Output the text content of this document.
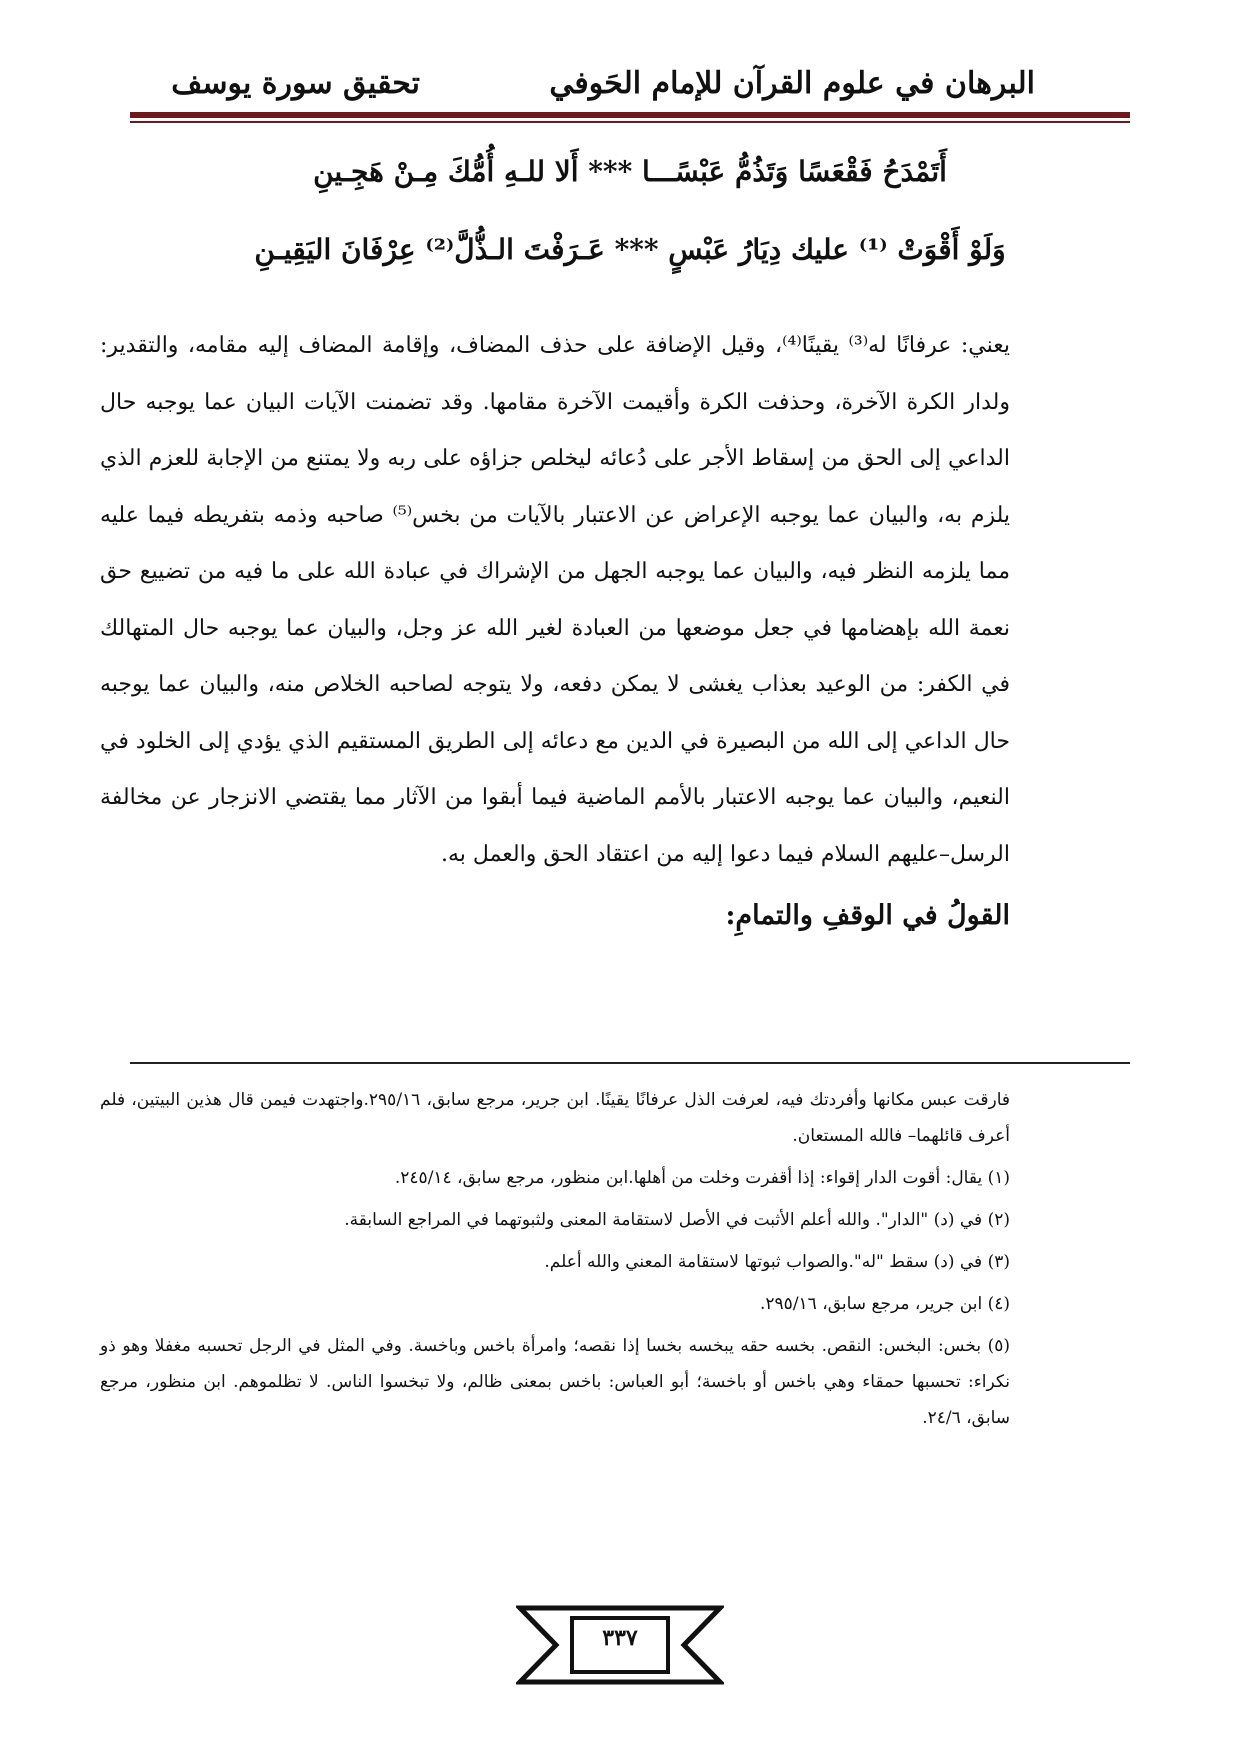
البرهان في علوم القرآن للإمام الحَوفي
تحقيق سورة يوسف
أَتَمْدَحُ فَقْعَسًا وَتَذُمُّ عَبْسًـــا *** أَلا للـهِ أُمُّكَ مِـنْ هَجِـينِ
وَلَوْ أَقْوَتْ ⁽¹⁾ عليك دِيَارُ عَبْسٍ *** عَـرَفْتَ الـذُّلَّ⁽²⁾ عِرْفَانَ اليَقِيـنِ

يعني: عرفانًا له⁽³⁾ يقينًا⁽⁴⁾، وقيل الإضافة على حذف المضاف، وإقامة المضاف إليه مقامه، والتقدير: ولدار الكرة الآخرة، وحذفت الكرة وأقيمت الآخرة مقامها. وقد تضمنت الآيات البيان عما يوجبه حال الداعي إلى الحق من إسقاط الأجر على دُعائه ليخلص جزاؤه على ربه ولا يمتنع من الإجابة للعزم الذي يلزم به، والبيان عما يوجبه الإعراض عن الاعتبار بالآيات من بخس⁽⁵⁾ صاحبه وذمه بتفريطه فيما عليه مما يلزمه النظر فيه، والبيان عما يوجبه الجهل من الإشراك في عبادة الله على ما فيه من تضييع حق نعمة الله بإهضامها في جعل موضعها من العبادة لغير الله عز وجل، والبيان عما يوجبه حال المتهالك في الكفر: من الوعيد بعذاب يغشى لا يمكن دفعه، ولا يتوجه لصاحبه الخلاص منه، والبيان عما يوجبه حال الداعي إلى الله من البصيرة في الدين مع دعائه إلى الطريق المستقيم الذي يؤدي إلى الخلود في النعيم، والبيان عما يوجبه الاعتبار بالأمم الماضية فيما أبقوا من الآثار مما يقتضي الانزجار عن مخالفة الرسل–عليهم السلام فيما دعوا إليه من اعتقاد الحق والعمل به.

القولُ في الوقفِ والتمامِ:

فارقت عبس مكانها وأفردتك فيه، لعرفت الذل عرفانًا يقينًا. ابن جرير، مرجع سابق، ٢٩٥/١٦.واجتهدت فيمن قال هذين البيتين، فلم أعرف قائلهما– فالله المستعان.

(١) يقال: أقوت الدار إقواء: إذا أقفرت وخلت من أهلها.ابن منظور، مرجع سابق، ٢٤٥/١٤.

(٢) في (د) "الدار". والله أعلم الأثبت في الأصل لاستقامة المعنى ولثبوتهما في المراجع السابقة.

(٣) في (د) سقط "له".والصواب ثبوتها لاستقامة المعني والله أعلم.

(٤) ابن جرير، مرجع سابق، ٢٩٥/١٦.

(٥) بخس: البخس: النقص. بخسه حقه يبخسه بخسا إذا نقصه؛ وامرأة باخس وباخسة. وفي المثل في الرجل تحسبه مغفلا وهو ذو نكراء: تحسبها حمقاء وهي باخس أو باخسة؛ أبو العباس: باخس بمعنى ظالم، ولا تبخسوا الناس. لا تظلموهم. ابن منظور، مرجع سابق، ٢٤/٦.

٣٣٧
